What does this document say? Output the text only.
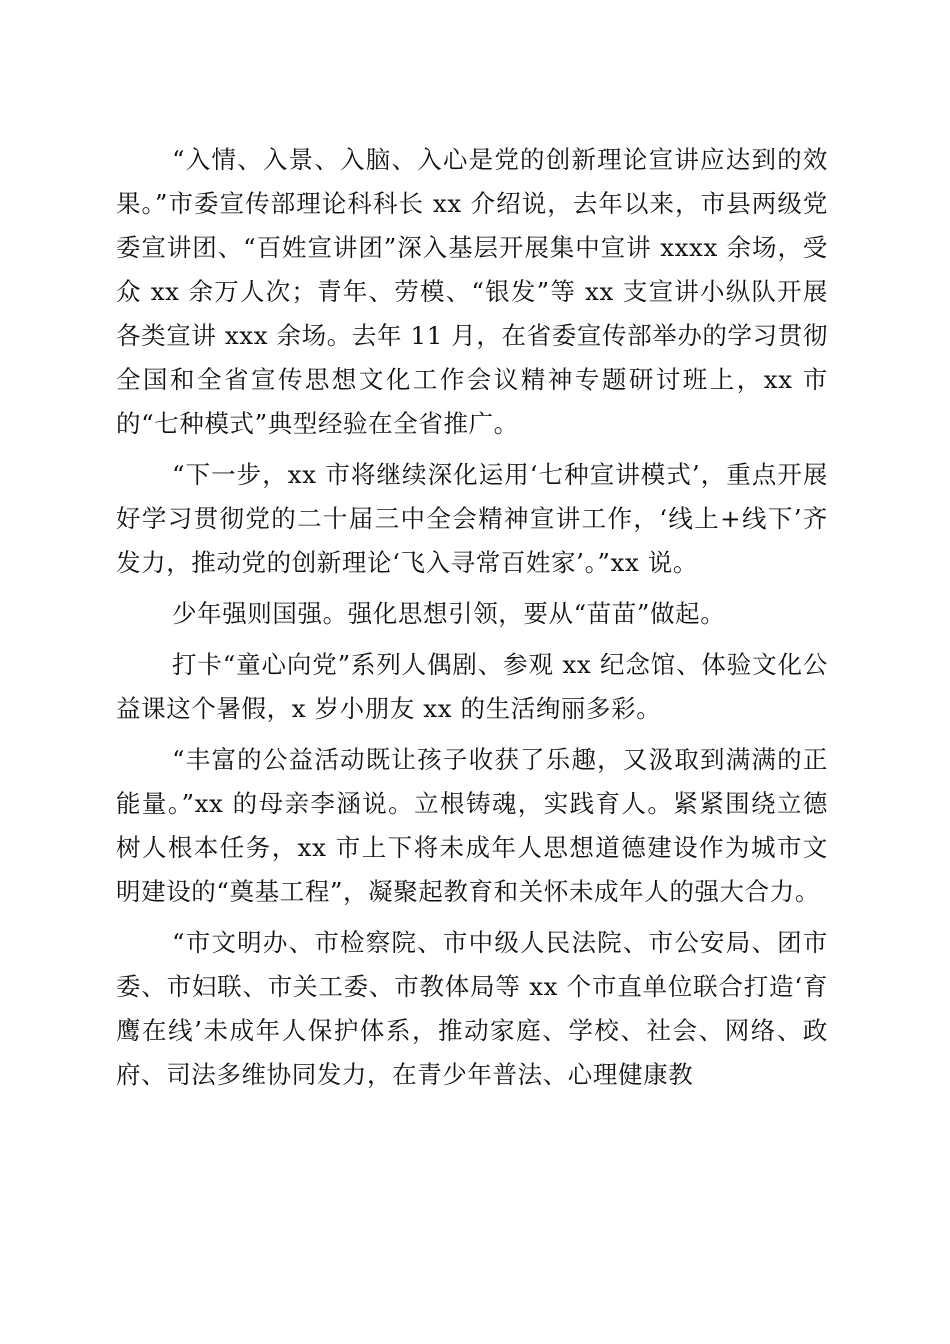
“入情、入景、入脑、入心是党的创新理论宣讲应达到的效果。”市委宣传部理论科科长 xx 介绍说，去年以来，市县两级党委宣讲团、“百姓宣讲团”深入基层开展集中宣讲 xxxx 余场，受众 xx 余万人次；青年、劳模、“银发”等 xx 支宣讲小纵队开展各类宣讲 xxx 余场。去年 11 月，在省委宣传部举办的学习贯彻全国和全省宣传思想文化工作会议精神专题研讨班上，xx 市的“七种模式”典型经验在全省推广。

“下一步，xx 市将继续深化运用‘七种宣讲模式’，重点开展好学习贯彻党的二十届三中全会精神宣讲工作，‘线上+线下’齐发力，推动党的创新理论‘飞入寻常百姓家’。”xx 说。

少年强则国强。强化思想引领，要从“苗苗”做起。

打卡“童心向党”系列人偶剧、参观 xx 纪念馆、体验文化公益课这个暑假，x 岁小朋友 xx 的生活绚丽多彩。

“丰富的公益活动既让孩子收获了乐趣，又汲取到满满的正能量。”xx 的母亲李涵说。立根铸魂，实践育人。紧紧围绕立德树人根本任务，xx 市上下将未成年人思想道德建设作为城市文明建设的“奠基工程”，凝聚起教育和关怀未成年人的强大合力。

“市文明办、市检察院、市中级人民法院、市公安局、团市委、市妇联、市关工委、市教体局等 xx 个市直单位联合打造‘育鹰在线’未成年人保护体系，推动家庭、学校、社会、网络、政府、司法多维协同发力，在青少年普法、心理健康教
